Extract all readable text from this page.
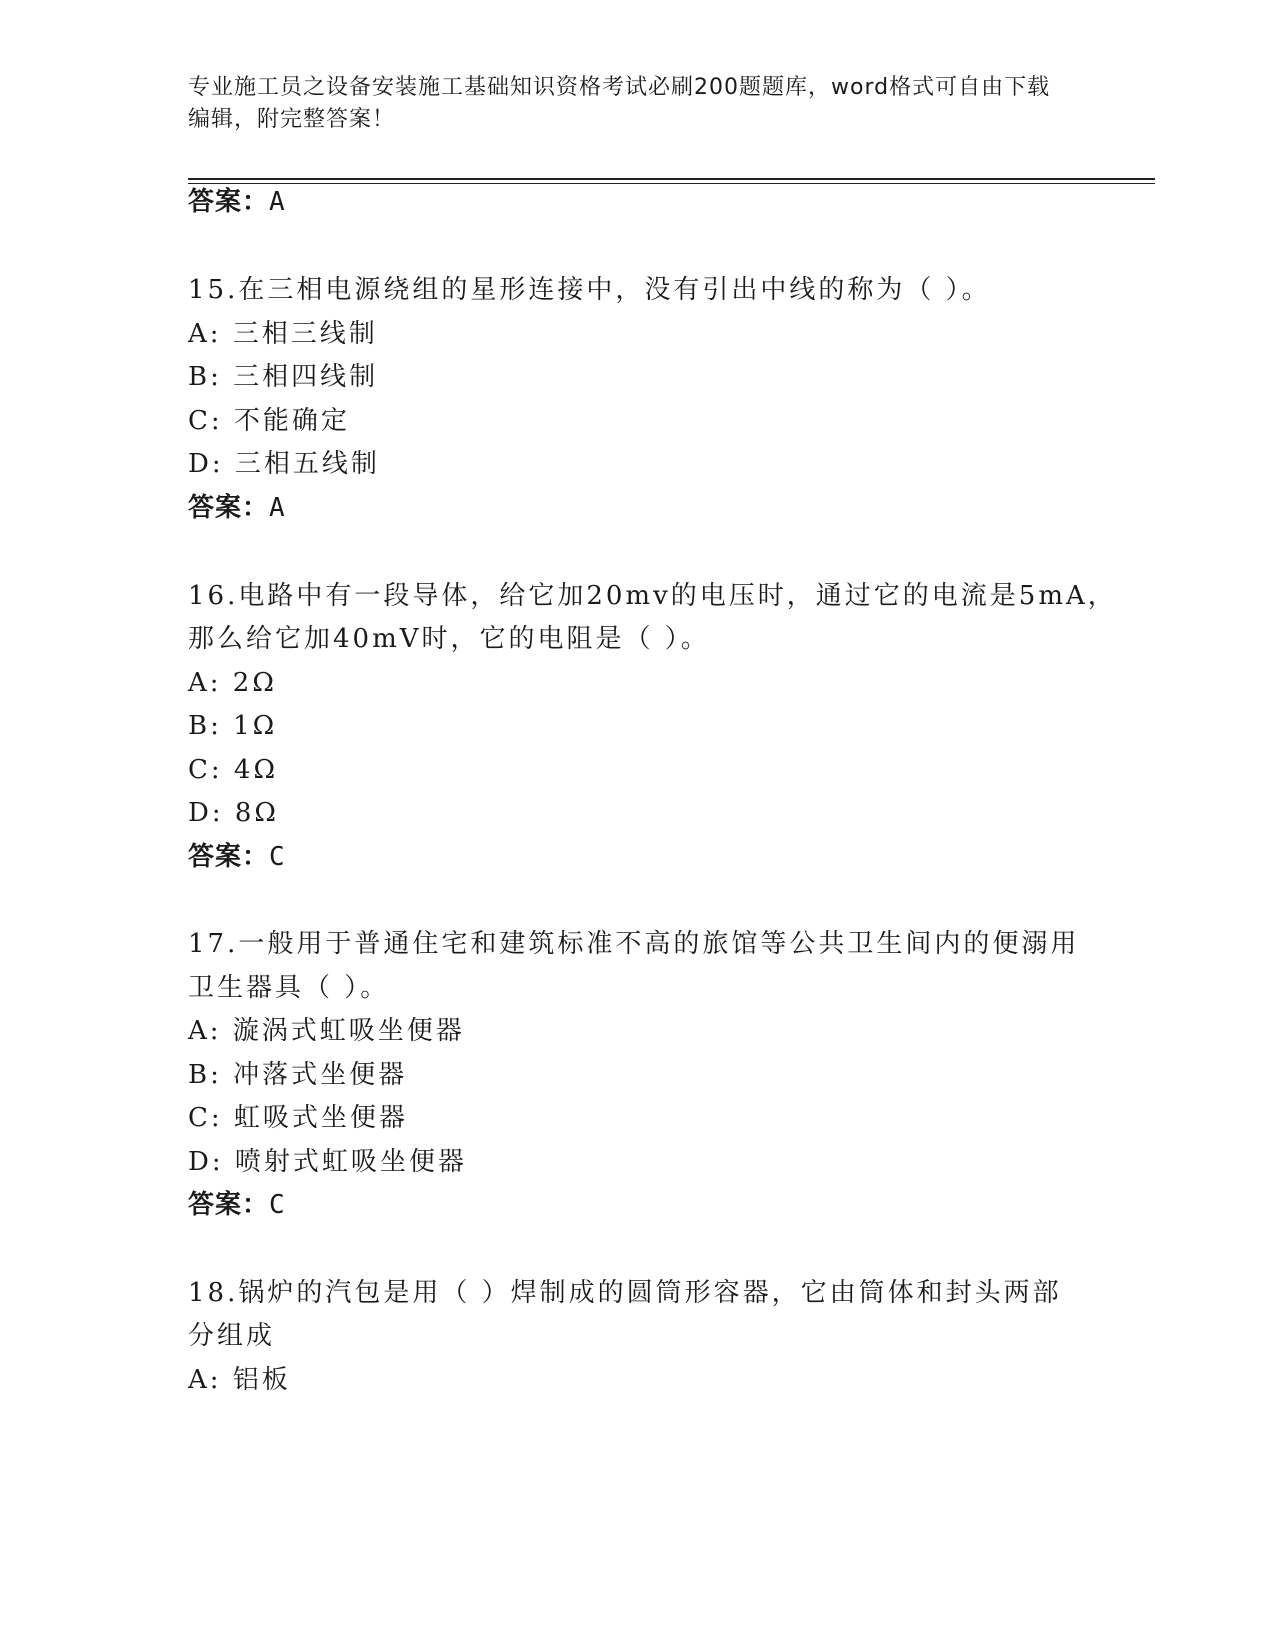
专业施工员之设备安装施工基础知识资格考试必刷200题题库，word格式可自由下载编辑，附完整答案！
答案：A
15.在三相电源绕组的星形连接中，没有引出中线的称为（ ）。
A: 三相三线制
B: 三相四线制
C: 不能确定
D: 三相五线制
答案：A
16.电路中有一段导体，给它加20mv的电压时，通过它的电流是5mA，
那么给它加40mV时，它的电阻是（ ）。
A: 2Ω
B: 1Ω
C: 4Ω
D: 8Ω
答案：C
17.一般用于普通住宅和建筑标准不高的旅馆等公共卫生间内的便溺用
卫生器具（ ）。
A: 漩涡式虹吸坐便器
B: 冲落式坐便器
C: 虹吸式坐便器
D: 喷射式虹吸坐便器
答案：C
18.锅炉的汽包是用（ ）焊制成的圆筒形容器，它由筒体和封头两部
分组成
A: 铝板
